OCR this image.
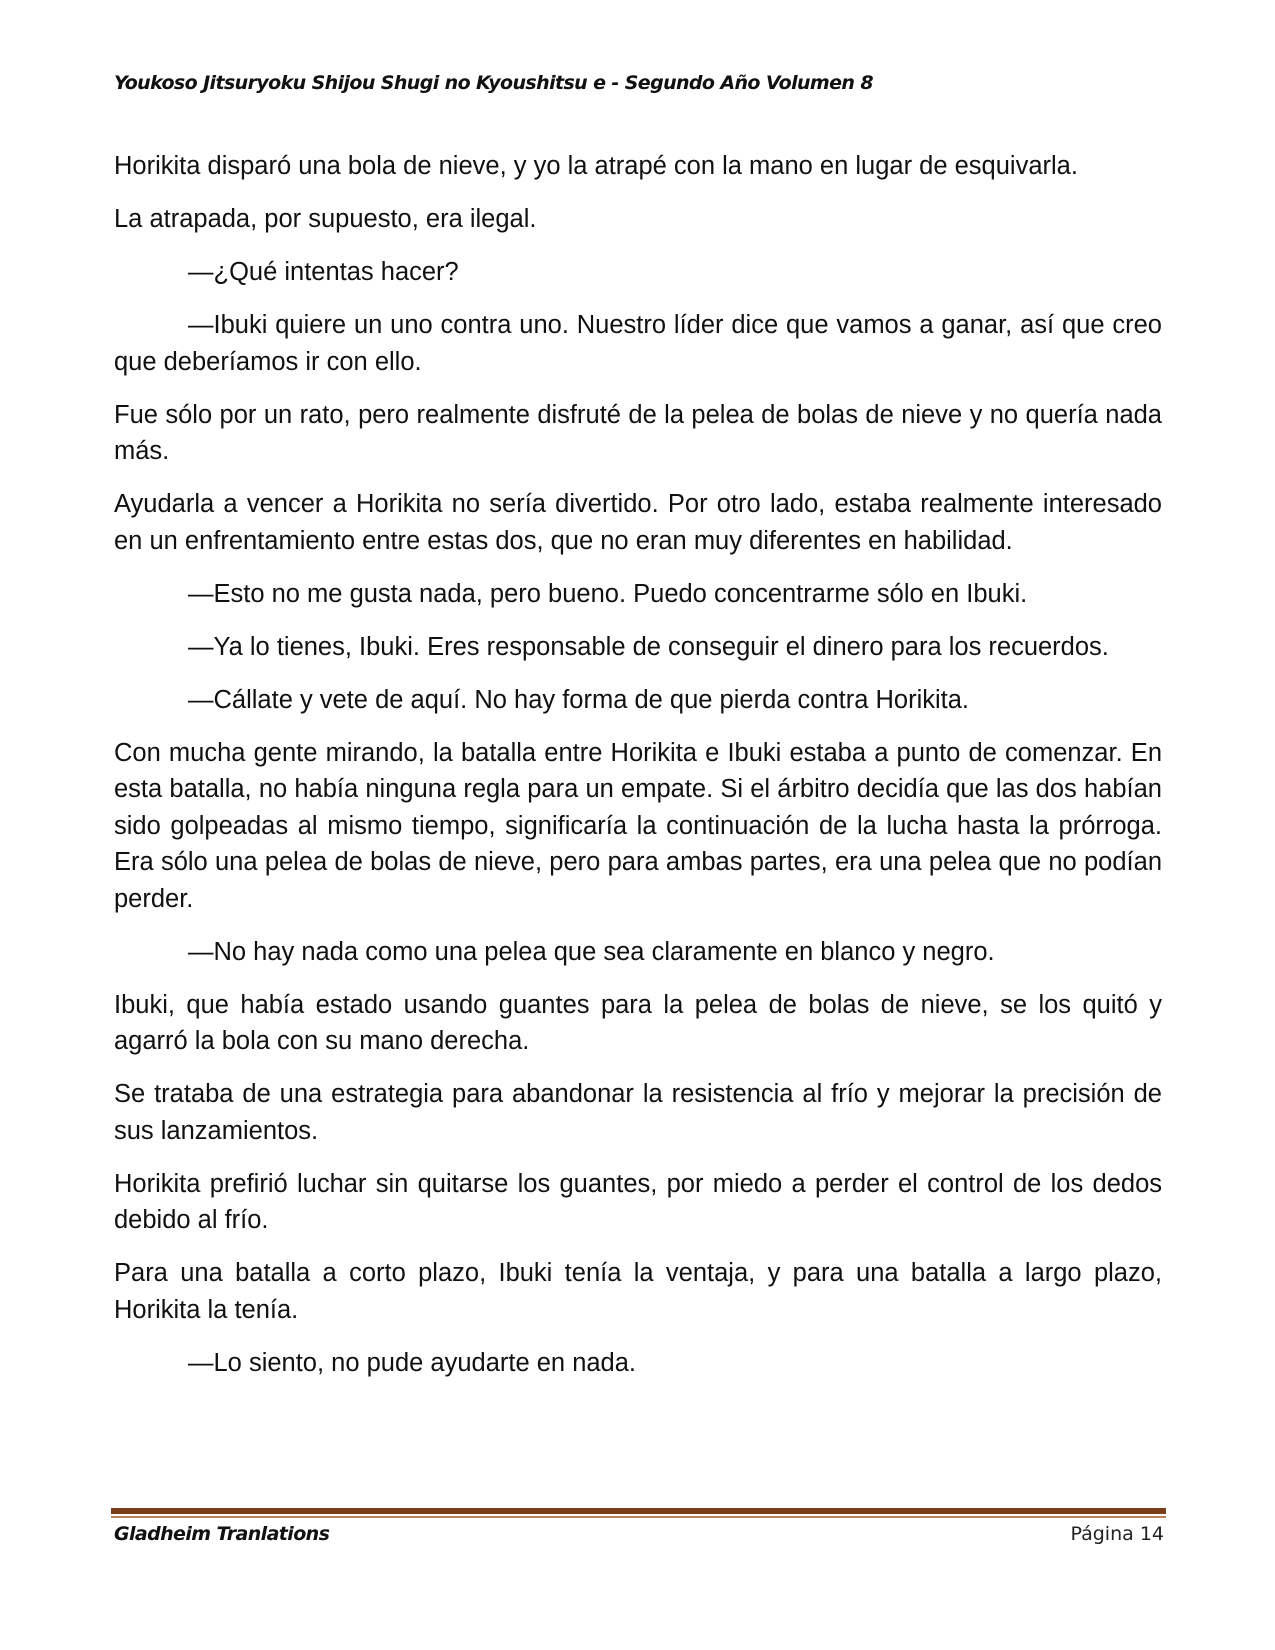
Youkoso Jitsuryoku Shijou Shugi no Kyoushitsu e - Segundo Año Volumen 8

Horikita disparó una bola de nieve, y yo la atrapé con la mano en lugar de esquivarla.

La atrapada, por supuesto, era ilegal.

—¿Qué intentas hacer?

—Ibuki quiere un uno contra uno. Nuestro líder dice que vamos a ganar, así que creo que deberíamos ir con ello.

Fue sólo por un rato, pero realmente disfruté de la pelea de bolas de nieve y no quería nada más.

Ayudarla a vencer a Horikita no sería divertido. Por otro lado, estaba realmente interesado en un enfrentamiento entre estas dos, que no eran muy diferentes en habilidad.

—Esto no me gusta nada, pero bueno. Puedo concentrarme sólo en Ibuki.

—Ya lo tienes, Ibuki. Eres responsable de conseguir el dinero para los recuerdos.

—Cállate y vete de aquí. No hay forma de que pierda contra Horikita.

Con mucha gente mirando, la batalla entre Horikita e Ibuki estaba a punto de comenzar. En esta batalla, no había ninguna regla para un empate. Si el árbitro decidía que las dos habían sido golpeadas al mismo tiempo, significaría la continuación de la lucha hasta la prórroga. Era sólo una pelea de bolas de nieve, pero para ambas partes, era una pelea que no podían perder.

—No hay nada como una pelea que sea claramente en blanco y negro.

Ibuki, que había estado usando guantes para la pelea de bolas de nieve, se los quitó y agarró la bola con su mano derecha.

Se trataba de una estrategia para abandonar la resistencia al frío y mejorar la precisión de sus lanzamientos.

Horikita prefirió luchar sin quitarse los guantes, por miedo a perder el control de los dedos debido al frío.

Para una batalla a corto plazo, Ibuki tenía la ventaja, y para una batalla a largo plazo, Horikita la tenía.

—Lo siento, no pude ayudarte en nada.

Gladheim Tranlations	Página 14
